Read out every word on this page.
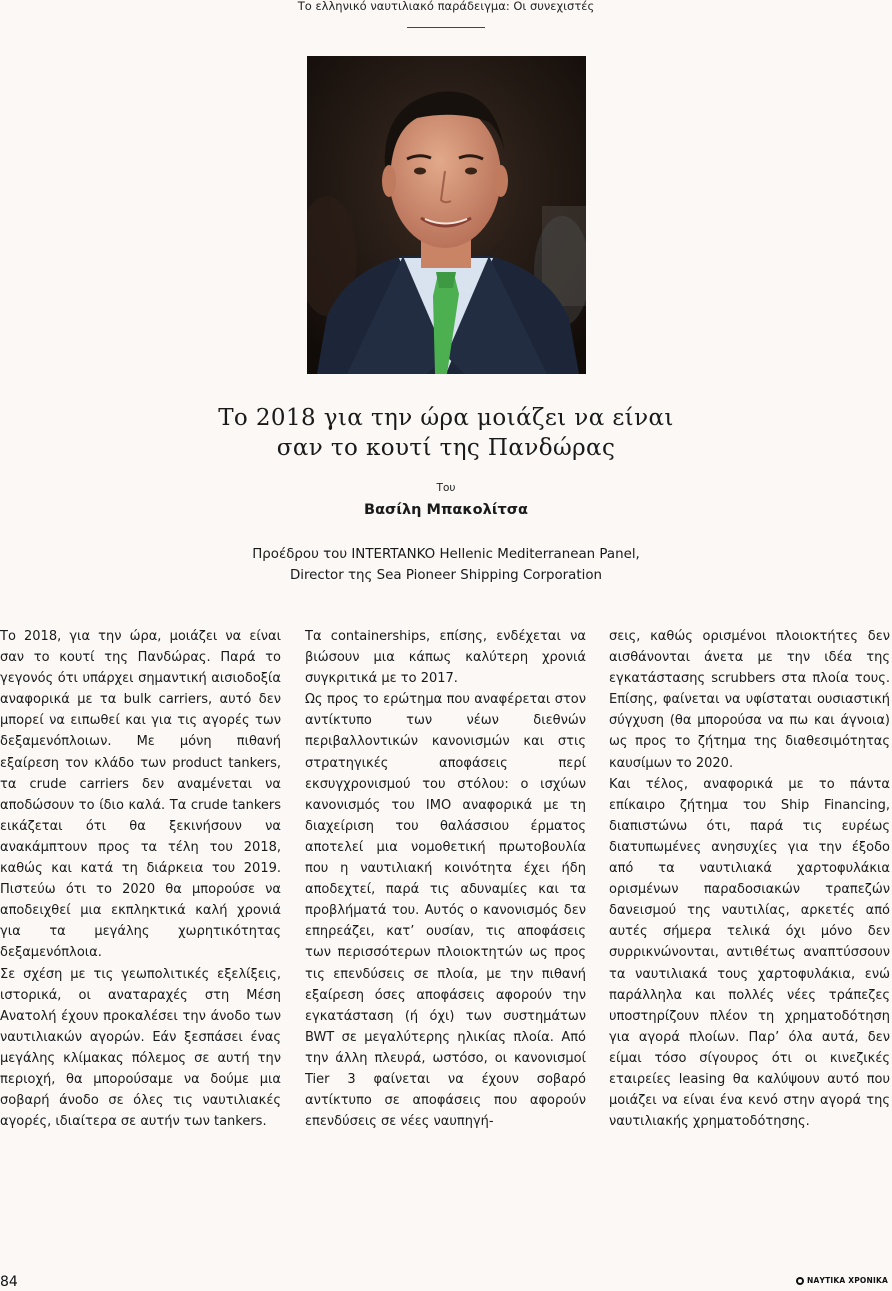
Το ελληνικό ναυτιλιακό παράδειγμα: Οι συνεχιστές
Το 2018 για την ώρα μοιάζει να είναι
σαν το κουτί της Πανδώρας
Του
Βασίλη Μπακολίτσα
Προέδρου του INTERTANKO Hellenic Mediterranean Panel,
Director της Sea Pioneer Shipping Corporation

Το 2018, για την ώρα, μοιάζει να είναι σαν το κουτί της Πανδώρας. Παρά το γεγονός ότι υπάρχει σημαντική αισιοδοξία αναφορικά με τα bulk carriers, αυτό δεν μπορεί να ειπωθεί και για τις αγορές των δεξαμενόπλοιων. Με μόνη πιθανή εξαίρεση τον κλάδο των product tankers, τα crude carriers δεν αναμένεται να αποδώσουν το ίδιο καλά. Τα crude tankers εικάζεται ότι θα ξεκινήσουν να ανακάμπτουν προς τα τέλη του 2018, καθώς και κατά τη διάρκεια του 2019. Πιστεύω ότι το 2020 θα μπορούσε να αποδειχθεί μια εκπληκτικά καλή χρονιά για τα μεγάλης χωρητικότητας δεξαμενόπλοια.

Σε σχέση με τις γεωπολιτικές εξελίξεις, ιστορικά, οι αναταραχές στη Μέση Ανατολή έχουν προκαλέσει την άνοδο των ναυτιλιακών αγορών. Εάν ξεσπάσει ένας μεγάλης κλίμακας πόλεμος σε αυτή την περιοχή, θα μπορούσαμε να δούμε μια σοβαρή άνοδο σε όλες τις ναυτιλιακές αγορές, ιδιαίτερα σε αυτήν των tankers.

Τα containerships, επίσης, ενδέχεται να βιώσουν μια κάπως καλύτερη χρονιά συγκριτικά με το 2017.

Ως προς το ερώτημα που αναφέρεται στον αντίκτυπο των νέων διεθνών περιβαλλοντικών κανονισμών και στις στρατηγικές αποφάσεις περί εκσυγχρονισμού του στόλου: ο ισχύων κανονισμός του ΙΜΟ αναφορικά με τη διαχείριση του θαλάσσιου έρματος αποτελεί μια νομοθετική πρωτοβουλία που η ναυτιλιακή κοινότητα έχει ήδη αποδεχτεί, παρά τις αδυναμίες και τα προβλήματά του. Αυτός ο κανονισμός δεν επηρεάζει, κατ’ ουσίαν, τις αποφάσεις των περισσότερων πλοιοκτητών ως προς τις επενδύσεις σε πλοία, με την πιθανή εξαίρεση όσες αποφάσεις αφορούν την εγκατάσταση (ή όχι) των συστημάτων BWT σε μεγαλύτερης ηλικίας πλοία. Από την άλλη πλευρά, ωστόσο, οι κανονισμοί Tier 3 φαίνεται να έχουν σοβαρό αντίκτυπο σε αποφάσεις που αφορούν επενδύσεις σε νέες ναυπηγή-

σεις, καθώς ορισμένοι πλοιοκτήτες δεν αισθάνονται άνετα με την ιδέα της εγκατάστασης scrubbers στα πλοία τους. Επίσης, φαίνεται να υφίσταται ουσιαστική σύγχυση (θα μπορούσα να πω και άγνοια) ως προς το ζήτημα της διαθεσιμότητας καυσίμων το 2020.

Και τέλος, αναφορικά με το πάντα επίκαιρο ζήτημα του Ship Financing, διαπιστώνω ότι, παρά τις ευρέως διατυπωμένες ανησυχίες για την έξοδο από τα ναυτιλιακά χαρτοφυλάκια ορισμένων παραδοσιακών τραπεζών δανεισμού της ναυτιλίας, αρκετές από αυτές σήμερα τελικά όχι μόνο δεν συρρικνώνονται, αντιθέτως αναπτύσσουν τα ναυτιλιακά τους χαρτοφυλάκια, ενώ παράλληλα και πολλές νέες τράπεζες υποστηρίζουν πλέον τη χρηματοδότηση για αγορά πλοίων. Παρ’ όλα αυτά, δεν είμαι τόσο σίγουρος ότι οι κινεζικές εταιρείες leasing θα καλύψουν αυτό που μοιάζει να είναι ένα κενό στην αγορά της ναυτιλιακής χρηματοδότησης.

84	ΝΑΥΤΙΚΑ ΧΡΟΝΙΚΑ
